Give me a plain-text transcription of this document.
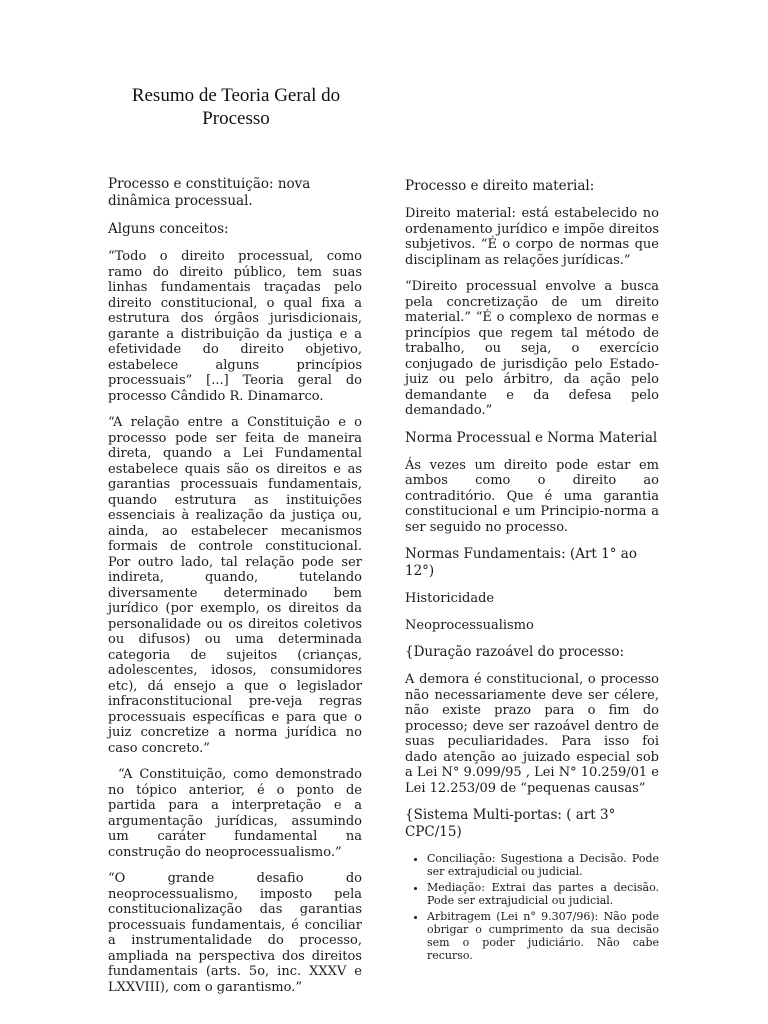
Resumo de Teoria Geral do
Processo

Processo e constituição: nova dinâmica processual.

Alguns conceitos:

“Todo o direito processual, como ramo do direito público, tem suas linhas fundamentais traçadas pelo direito constitucional, o qual fixa a estrutura dos órgãos jurisdicionais, garante a distribuição da justiça e a efetividade do direito objetivo, estabelece alguns princípios processuais” [...] Teoria geral do processo Cândido R. Dinamarco.

“A relação entre a Constituição e o processo pode ser feita de maneira direta, quando a Lei Fundamental estabelece quais são os direitos e as garantias processuais fundamentais, quando estrutura as instituições essenciais à realização da justiça ou, ainda, ao estabelecer mecanismos formais de controle constitucional. Por outro lado, tal relação pode ser indireta, quando, tutelando diversamente determinado bem jurídico (por exemplo, os direitos da personalidade ou os direitos coletivos ou difusos) ou uma determinada categoria de sujeitos (crianças, adolescentes, idosos, consumidores etc), dá ensejo a que o legislador infraconstitucional pre-veja regras processuais específicas e para que o juiz concretize a norma jurídica no caso concreto.”

“A Constituição, como demonstrado no tópico anterior, é o ponto de partida para a interpretação e a argumentação jurídicas, assumindo um caráter fundamental na construção do neoprocessualismo.”

“O grande desafio do neoprocessualismo, imposto pela constitucionalização das garantias processuais fundamentais, é conciliar a instrumentalidade do processo, ampliada na perspectiva dos direitos fundamentais (arts. 5o, inc. XXXV e LXXVIII), com o garantismo.”

Processo e direito material:

Direito material: está estabelecido no ordenamento jurídico e impõe direitos subjetivos. “É o corpo de normas que disciplinam as relações jurídicas.”

“Direito processual envolve a busca pela concretização de um direito material.” “É o complexo de normas e princípios que regem tal método de trabalho, ou seja, o exercício conjugado de jurisdição pelo Estado-juiz ou pelo árbitro, da ação pelo demandante e da defesa pelo demandado.”

Norma Processual e Norma Material

Ás vezes um direito pode estar em ambos como o direito ao contraditório. Que é uma garantia constitucional e um Principio-norma a ser seguido no processo.

Normas Fundamentais: (Art 1° ao 12°)

Historicidade

Neoprocessualismo

{Duração razoável do processo:

A demora é constitucional, o processo não necessariamente deve ser célere, não existe prazo para o fim do processo; deve ser razoável dentro de suas peculiaridades. Para isso foi dado atenção ao juizado especial sob a Lei N° 9.099/95 , Lei N° 10.259/01 e Lei 12.253/09 de “pequenas causas”

{Sistema Multi-portas: ( art 3° CPC/15)

• Conciliação: Sugestiona a Decisão. Pode ser extrajudicial ou judicial.
• Mediação: Extrai das partes a decisão. Pode ser extrajudicial ou judicial.
• Arbitragem (Lei n° 9.307/96): Não pode obrigar o cumprimento da sua decisão sem o poder judiciário. Não cabe recurso.
